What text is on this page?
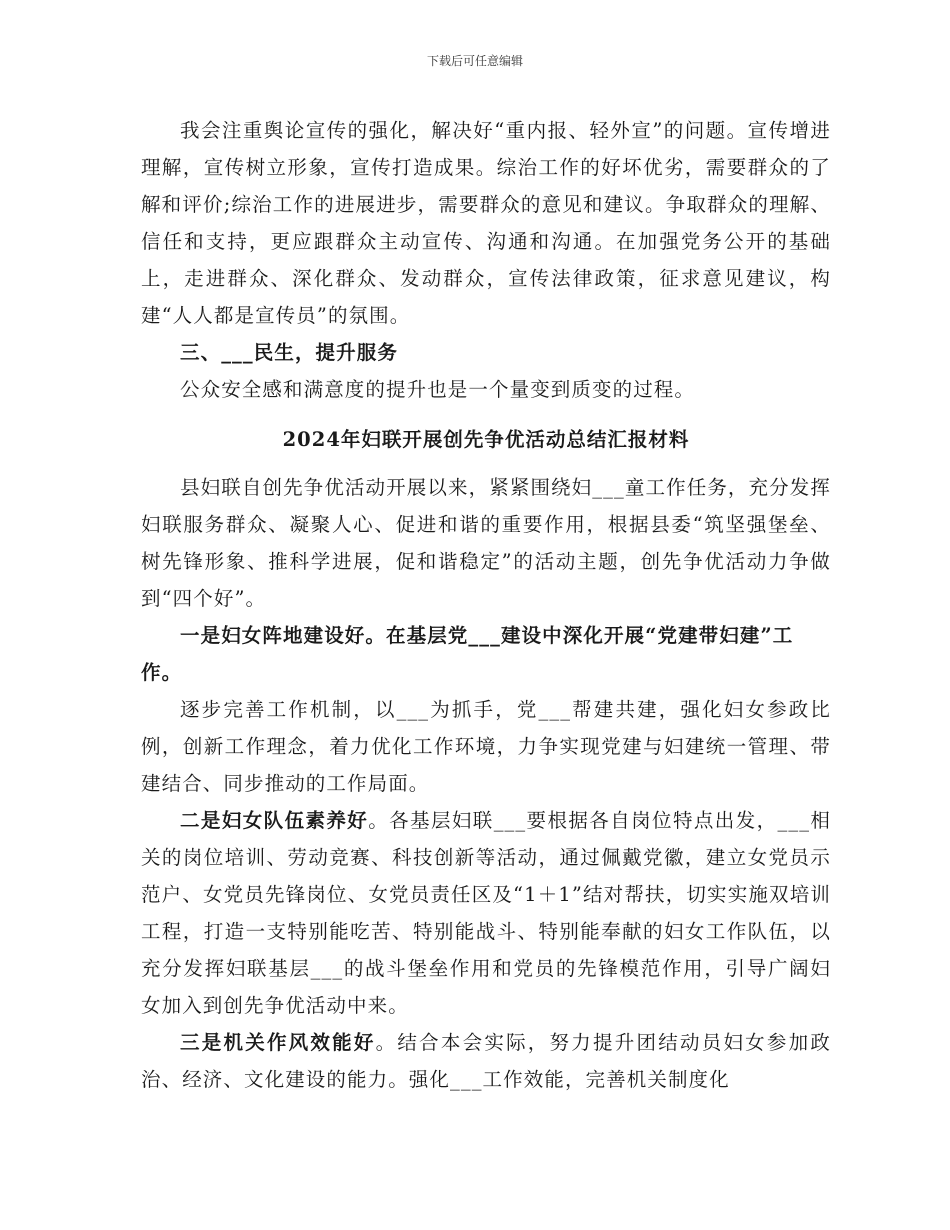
下载后可任意编辑

我会注重舆论宣传的强化，解决好“重内报、轻外宣”的问题。宣传增进理解，宣传树立形象，宣传打造成果。综治工作的好坏优劣，需要群众的了解和评价;综治工作的进展进步，需要群众的意见和建议。争取群众的理解、信任和支持，更应跟群众主动宣传、沟通和沟通。在加强党务公开的基础上，走进群众、深化群众、发动群众，宣传法律政策，征求意见建议，构建“人人都是宣传员”的氛围。

三、___民生，提升服务

公众安全感和满意度的提升也是一个量变到质变的过程。

2024年妇联开展创先争优活动总结汇报材料

县妇联自创先争优活动开展以来，紧紧围绕妇___童工作任务，充分发挥妇联服务群众、凝聚人心、促进和谐的重要作用，根据县委“筑坚强堡垒、树先锋形象、推科学进展，促和谐稳定”的活动主题，创先争优活动力争做到“四个好”。

一是妇女阵地建设好。在基层党___建设中深化开展“党建带妇建”工作。

逐步完善工作机制，以___为抓手，党___帮建共建，强化妇女参政比例，创新工作理念，着力优化工作环境，力争实现党建与妇建统一管理、带建结合、同步推动的工作局面。

二是妇女队伍素养好。各基层妇联___要根据各自岗位特点出发，___相关的岗位培训、劳动竞赛、科技创新等活动，通过佩戴党徽，建立女党员示范户、女党员先锋岗位、女党员责任区及“1＋1”结对帮扶，切实实施双培训工程，打造一支特别能吃苦、特别能战斗、特别能奉献的妇女工作队伍，以充分发挥妇联基层___的战斗堡垒作用和党员的先锋模范作用，引导广阔妇女加入到创先争优活动中来。

三是机关作风效能好。结合本会实际，努力提升团结动员妇女参加政治、经济、文化建设的能力。强化___工作效能，完善机关制度化
